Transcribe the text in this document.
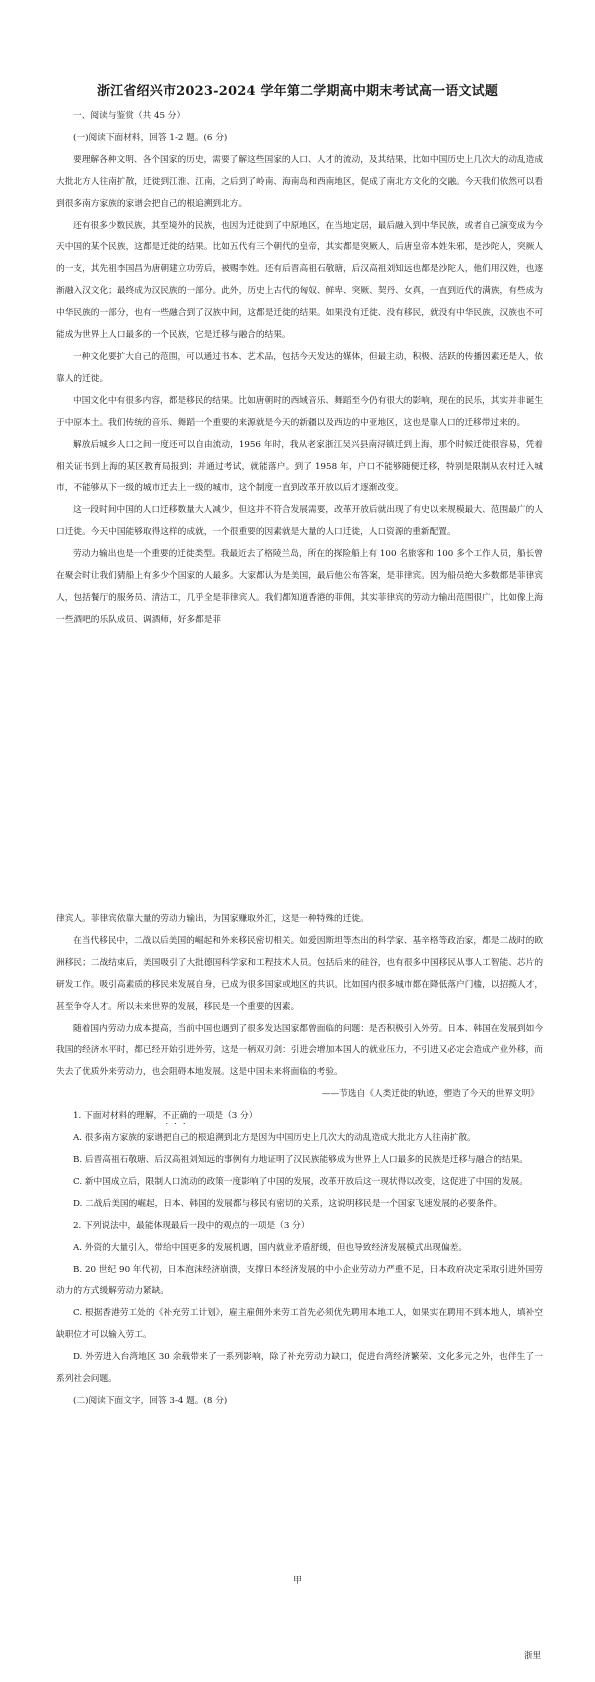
浙江省绍兴市2023-2024 学年第二学期高中期末考试高一语文试题

一、阅读与鉴赏（共 45 分）

(一)阅读下面材料，回答 1-2 题。(6 分)

要理解各种文明、各个国家的历史，需要了解这些国家的人口、人才的流动，及其结果，比如中国历史上几次大的动乱造成大批北方人往南扩散，迁徙到江淮、江南，之后到了岭南、海南岛和西南地区，促成了南北方文化的交融。今天我们依然可以看到很多南方家族的家谱会把自己的根追溯到北方。

还有很多少数民族，其至境外的民族，也因为迁徙到了中原地区，在当地定居，最后融入到中华民族，或者自己演变成为今天中国的某个民族，这都是迁徙的结果。比如五代有三个朝代的皇帝，其实都是突厥人，后唐皇帝本姓朱邪，是沙陀人，突厥人的一支，其先祖李国昌为唐朝建立功劳后，被赐李姓。还有后晋高祖石敬瑭，后汉高祖刘知远也都是沙陀人，他们用汉姓，也逐渐融入汉文化；最终成为汉民族的一部分。此外，历史上古代的匈奴、鲜卑、突厥、契丹、女真，一直到近代的满族，有些成为中华民族的一部分，也有一些融合到了汉族中间，这都是迁徙的结果。如果没有迁徙、没有移民，就没有中华民族，汉族也不可能成为世界上人口最多的一个民族，它是迁移与融合的结果。

一种文化要扩大自己的范围，可以通过书本、艺术品，包括今天发达的媒体，但最主动，积极、活跃的传播因素还是人，依靠人的迁徙。

中国文化中有很多内容，都是移民的结果。比如唐朝时的西域音乐、舞蹈至今仍有很大的影响，现在的民乐，其实并非诞生于中原本土。我们传统的音乐、舞蹈一个重要的来源就是今天的新疆以及西边的中亚地区，这也是靠人口的迁移带过来的。

解放后城乡人口之间一度还可以自由流动，1956 年时，我从老家浙江吴兴县南浔镇迁到上海，那个时候迁徙很容易，凭着相关证书到上海的某区教育局报到；并通过考试，就能落户。到了 1958 年，户口不能够随便迁移，特别是限制从农村迁入城市，不能够从下一级的城市迁去上一级的城市，这个制度一直到改革开放以后才逐渐改变。

这一段时间中国的人口迁移数量大人减少，但这并不符合发展需要，改革开放后就出现了有史以来规模最大、范围最广的人口迁徙。今天中国能够取得这样的成就，一个很重要的因素就是大量的人口迁徙，人口资源的重新配置。

劳动力输出也是一个重要的迁徙类型。我最近去了格陵兰岛，所在的探险船上有 100 名旅客和 100 多个工作人员，船长曾在聚会时让我们猜船上有多少个国家的人最多。大家都认为是美国，最后他公布答案，是菲律宾。因为船员绝大多数都是菲律宾人，包括餐厅的服务员、清洁工，几乎全是菲律宾人。我们都知道香港的菲佣，其实菲律宾的劳动力输出范围很广，比如像上海一些酒吧的乐队成员、调酒师，好多都是菲

律宾人。菲律宾依靠大量的劳动力输出，为国家赚取外汇，这是一种特殊的迁徙。

在当代移民中，二战以后美国的崛起和外来移民密切相关。如爱因斯坦等杰出的科学家、基辛格等政治家，都是二战时的欧洲移民；二战结束后，美国吸引了大批德国科学家和工程技术人员。包括后来的硅谷，也有很多中国移民从事人工智能、芯片的研发工作。吸引高素质的移民来发展自身，已成为很多国家或地区的共识。比如国内很多城市都在降低落户门槛，以招揽人才，甚至争夺人才。所以未来世界的发展，移民是一个重要的因素。

随着国内劳动力成本提高，当前中国也遇到了很多发达国家都曾面临的问题：是否积极引入外劳。日本、韩国在发展到如今我国的经济水平时，都已经开始引进外劳，这是一柄双刃剑：引进会增加本国人的就业压力，不引进又必定会造成产业外移，而失去了优质外来劳动力，也会阻碍本地发展。这是中国未来将面临的考验。

——节选自《人类迁徙的轨迹，塑造了今天的世界文明》

1. 下面对材料的理解，不正确的一项是（3 分）

A. 很多南方家族的家谱把自己的根追溯到北方是因为中国历史上几次大的动乱造成大批北方人往南扩散。

B. 后晋高祖石敬瑭、后汉高祖刘知远的事例有力地证明了汉民族能够成为世界上人口最多的民族是迁移与融合的结果。

C. 新中国成立后，限制人口流动的政策一度影响了中国的发展，改革开放后这一现状得以改变，这促进了中国的发展。

D. 二战后美国的崛起，日本、韩国的发展都与移民有密切的关系，这说明移民是一个国家飞速发展的必要条件。

2. 下列说法中，最能体现最后一段中的观点的一项是（3 分）

A. 外资的大量引入，带给中国更多的发展机遇，国内就业矛盾舒缓，但也导致经济发展模式出现偏差。

B. 20 世纪 90 年代初，日本泡沫经济崩溃，支撑日本经济发展的中小企业劳动力严重不足，日本政府决定采取引进外国劳动力的方式缓解劳动力紧缺。

C. 根据香港劳工处的《补充劳工计划》，雇主雇佣外来劳工首先必须优先聘用本地工人，如果实在聘用不到本地人，填补空缺职位才可以输入劳工。

D. 外劳进入台湾地区 30 余载带来了一系列影响，除了补充劳动力缺口，促进台湾经济繁荣、文化多元之外，也伴生了一系列社会问题。

(二)阅读下面文字，回答 3-4 题。(8 分)

甲
浙里
